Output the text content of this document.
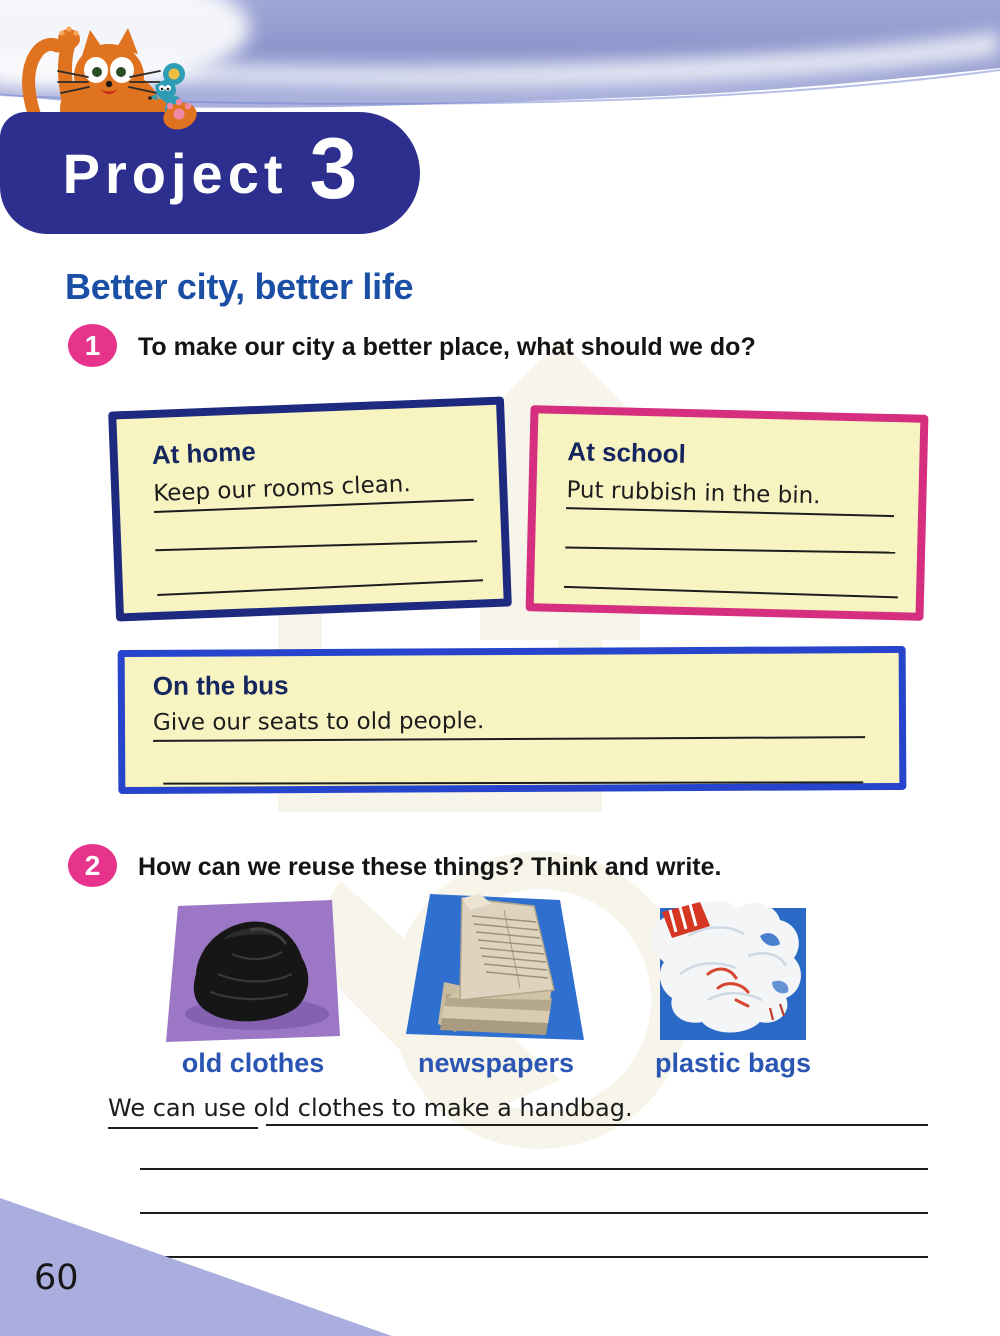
Project 3
Better city, better life
1 To make our city a better place, what should we do?
At home
Keep our rooms clean.
At school
Put rubbish in the bin.
On the bus
Give our seats to old people.
2 How can we reuse these things? Think and write.
old clothes	newspapers	plastic bags
We can use old clothes to make a handbag.
60
